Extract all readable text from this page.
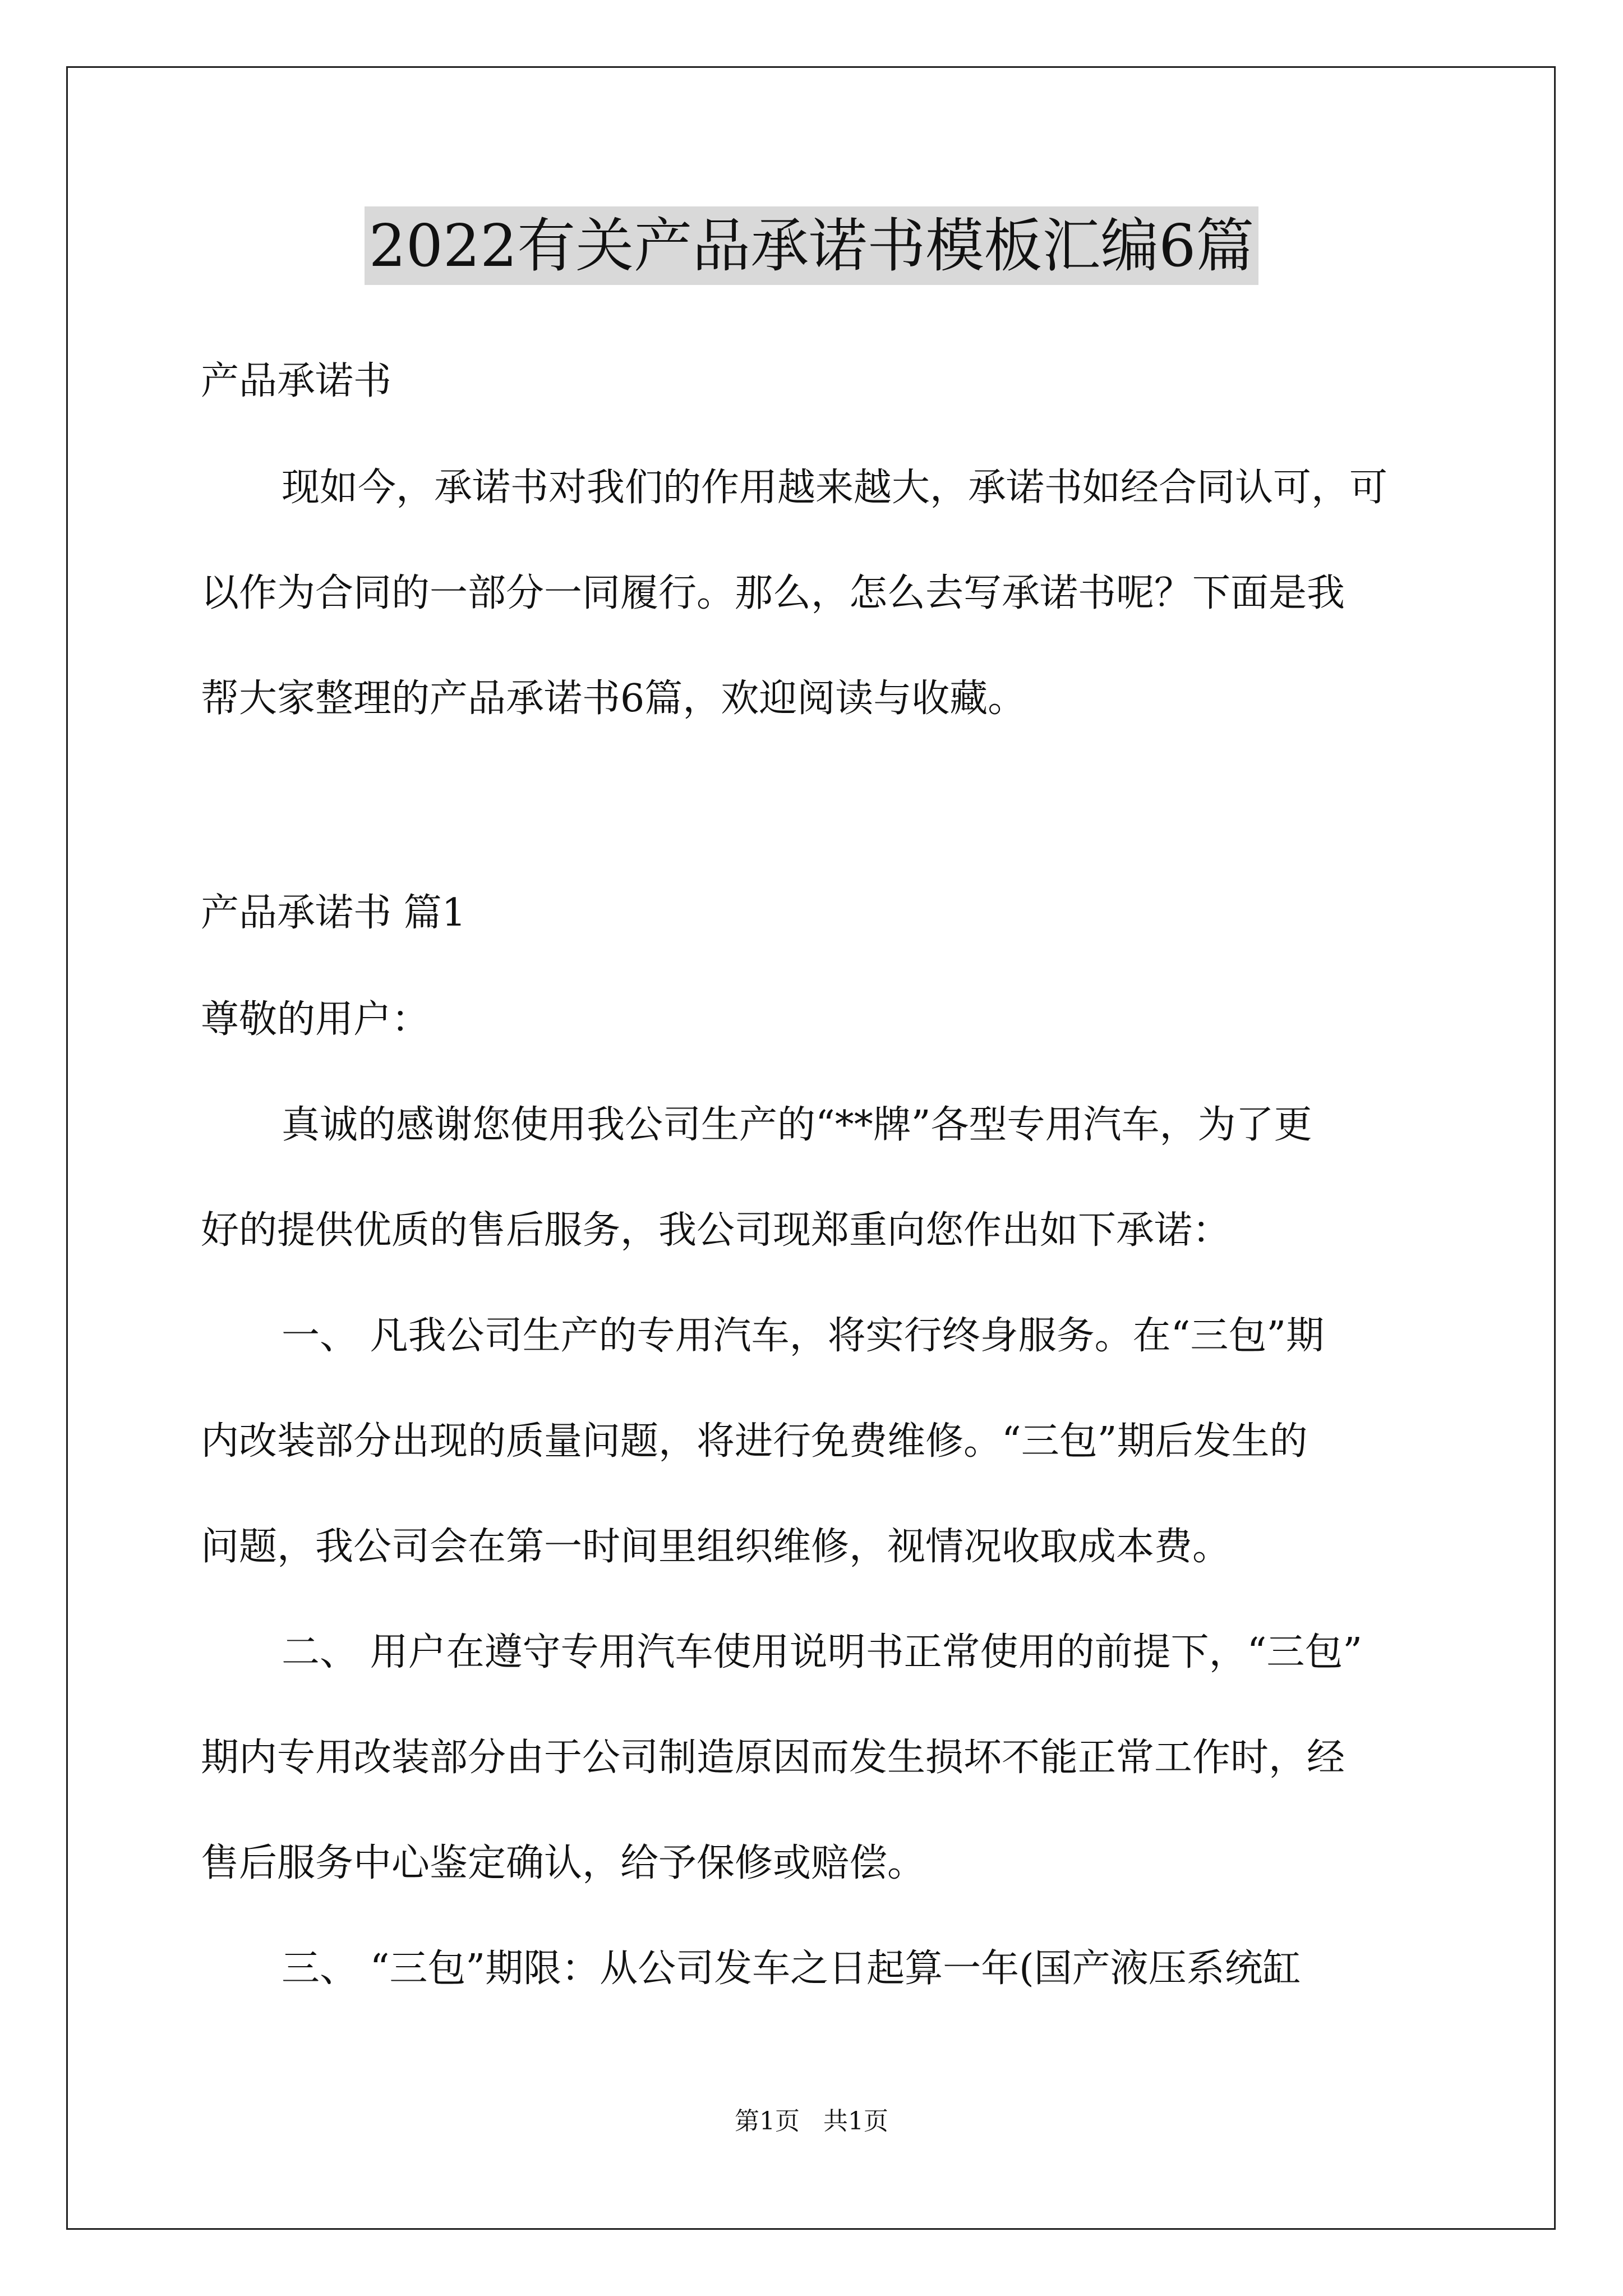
2022有关产品承诺书模板汇编6篇
产品承诺书
现如今，承诺书对我们的作用越来越大，承诺书如经合同认可，可
以作为合同的一部分一同履行。那么，怎么去写承诺书呢？下面是我
帮大家整理的产品承诺书6篇，欢迎阅读与收藏。
产品承诺书 篇1
尊敬的用户：
真诚的感谢您使用我公司生产的“**牌”各型专用汽车，为了更
好的提供优质的售后服务，我公司现郑重向您作出如下承诺：
一、 凡我公司生产的专用汽车，将实行终身服务。在“三包”期
内改装部分出现的质量问题，将进行免费维修。“三包”期后发生的
问题，我公司会在第一时间里组织维修，视情况收取成本费。
二、 用户在遵守专用汽车使用说明书正常使用的前提下，“三包”
期内专用改装部分由于公司制造原因而发生损坏不能正常工作时，经
售后服务中心鉴定确认，给予保修或赔偿。
三、 “三包”期限：从公司发车之日起算一年(国产液压系统缸
第1页 共1页
